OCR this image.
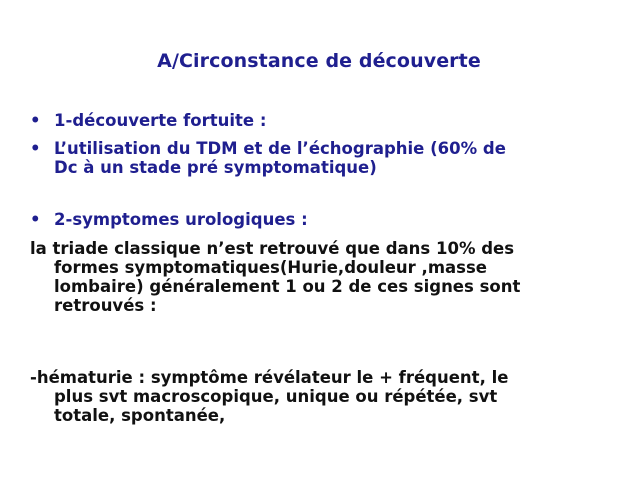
A/Circonstance de découverte
• 1-découverte fortuite :
• L’utilisation du TDM et de l’échographie (60% de
Dc à un stade pré symptomatique)
• 2-symptomes urologiques :
la triade classique n’est retrouvé que dans 10% des
formes symptomatiques(Hurie,douleur ,masse
lombaire) généralement 1 ou 2 de ces signes sont
retrouvés :
-hématurie : symptôme révélateur le + fréquent, le
plus svt macroscopique, unique ou répétée, svt
totale, spontanée,
